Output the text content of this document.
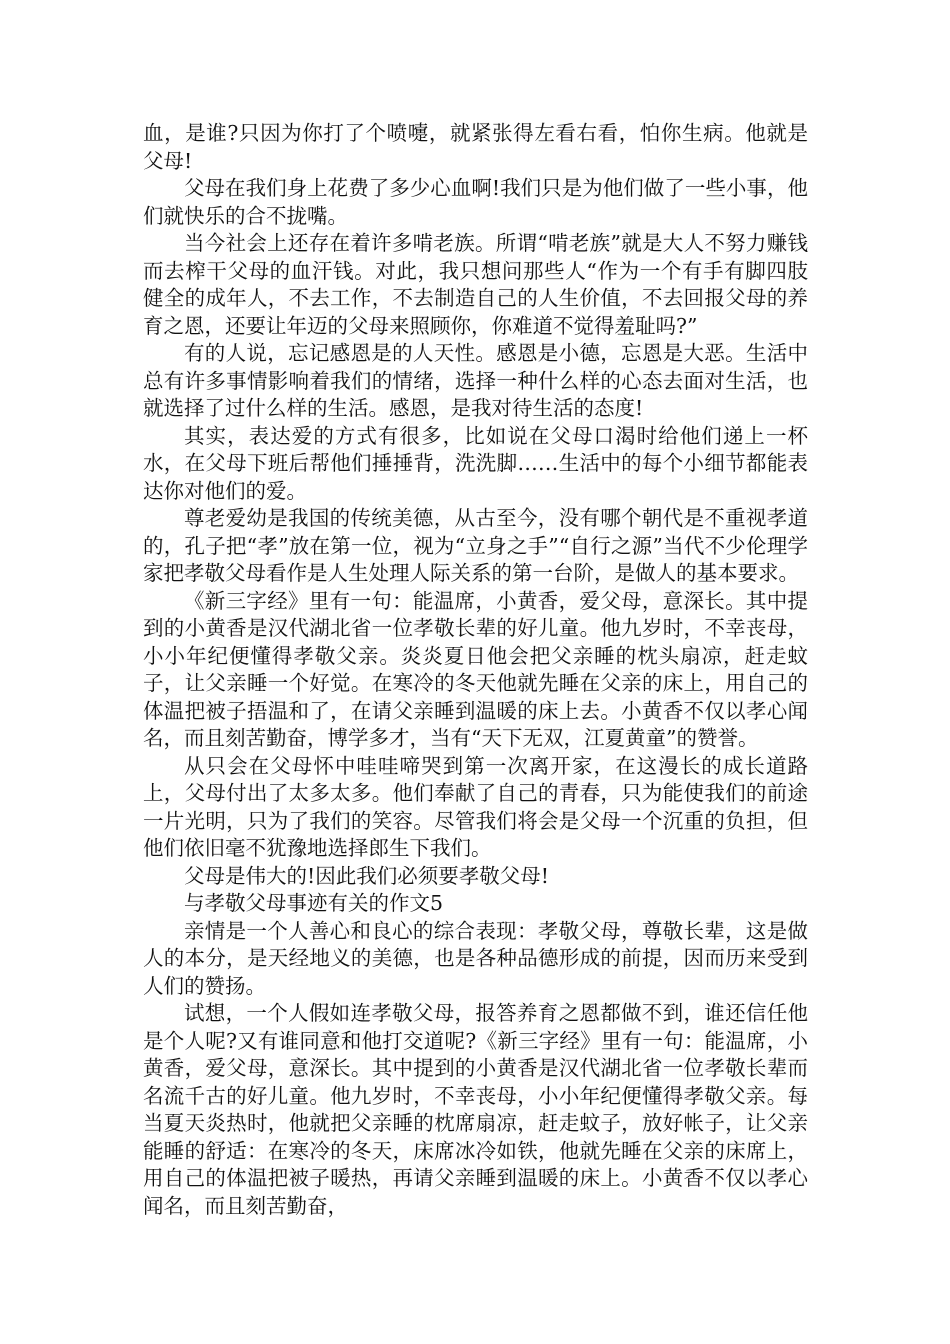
血，是谁?只因为你打了个喷嚏，就紧张得左看右看，怕你生病。他就是父母!

父母在我们身上花费了多少心血啊!我们只是为他们做了一些小事，他们就快乐的合不拢嘴。

当今社会上还存在着许多啃老族。所谓“啃老族”就是大人不努力赚钱而去榨干父母的血汗钱。对此，我只想问那些人“作为一个有手有脚四肢健全的成年人，不去工作，不去制造自己的人生价值，不去回报父母的养育之恩，还要让年迈的父母来照顾你，你难道不觉得羞耻吗?”

有的人说，忘记感恩是的人天性。感恩是小德，忘恩是大恶。生活中总有许多事情影响着我们的情绪，选择一种什么样的心态去面对生活，也就选择了过什么样的生活。感恩，是我对待生活的态度!

其实，表达爱的方式有很多，比如说在父母口渴时给他们递上一杯水，在父母下班后帮他们捶捶背，洗洗脚……生活中的每个小细节都能表达你对他们的爱。

尊老爱幼是我国的传统美德，从古至今，没有哪个朝代是不重视孝道的，孔子把“孝”放在第一位，视为“立身之手”“自行之源”当代不少伦理学家把孝敬父母看作是人生处理人际关系的第一台阶，是做人的基本要求。

《新三字经》里有一句：能温席，小黄香，爱父母，意深长。其中提到的小黄香是汉代湖北省一位孝敬长辈的好儿童。他九岁时，不幸丧母，小小年纪便懂得孝敬父亲。炎炎夏日他会把父亲睡的枕头扇凉，赶走蚊子，让父亲睡一个好觉。在寒冷的冬天他就先睡在父亲的床上，用自己的体温把被子捂温和了，在请父亲睡到温暖的床上去。小黄香不仅以孝心闻名，而且刻苦勤奋，博学多才，当有“天下无双，江夏黄童”的赞誉。

从只会在父母怀中哇哇啼哭到第一次离开家，在这漫长的成长道路上，父母付出了太多太多。他们奉献了自己的青春，只为能使我们的前途一片光明，只为了我们的笑容。尽管我们将会是父母一个沉重的负担，但他们依旧毫不犹豫地选择郎生下我们。

父母是伟大的!因此我们必须要孝敬父母!

与孝敬父母事迹有关的作文5

亲情是一个人善心和良心的综合表现：孝敬父母，尊敬长辈，这是做人的本分，是天经地义的美德，也是各种品德形成的前提，因而历来受到人们的赞扬。

试想，一个人假如连孝敬父母，报答养育之恩都做不到，谁还信任他是个人呢?又有谁同意和他打交道呢?《新三字经》里有一句：能温席，小黄香，爱父母，意深长。其中提到的小黄香是汉代湖北省一位孝敬长辈而名流千古的好儿童。他九岁时，不幸丧母，小小年纪便懂得孝敬父亲。每当夏天炎热时，他就把父亲睡的枕席扇凉，赶走蚊子，放好帐子，让父亲能睡的舒适：在寒冷的冬天，床席冰冷如铁，他就先睡在父亲的床席上，用自己的体温把被子暖热，再请父亲睡到温暖的床上。小黄香不仅以孝心闻名，而且刻苦勤奋，
